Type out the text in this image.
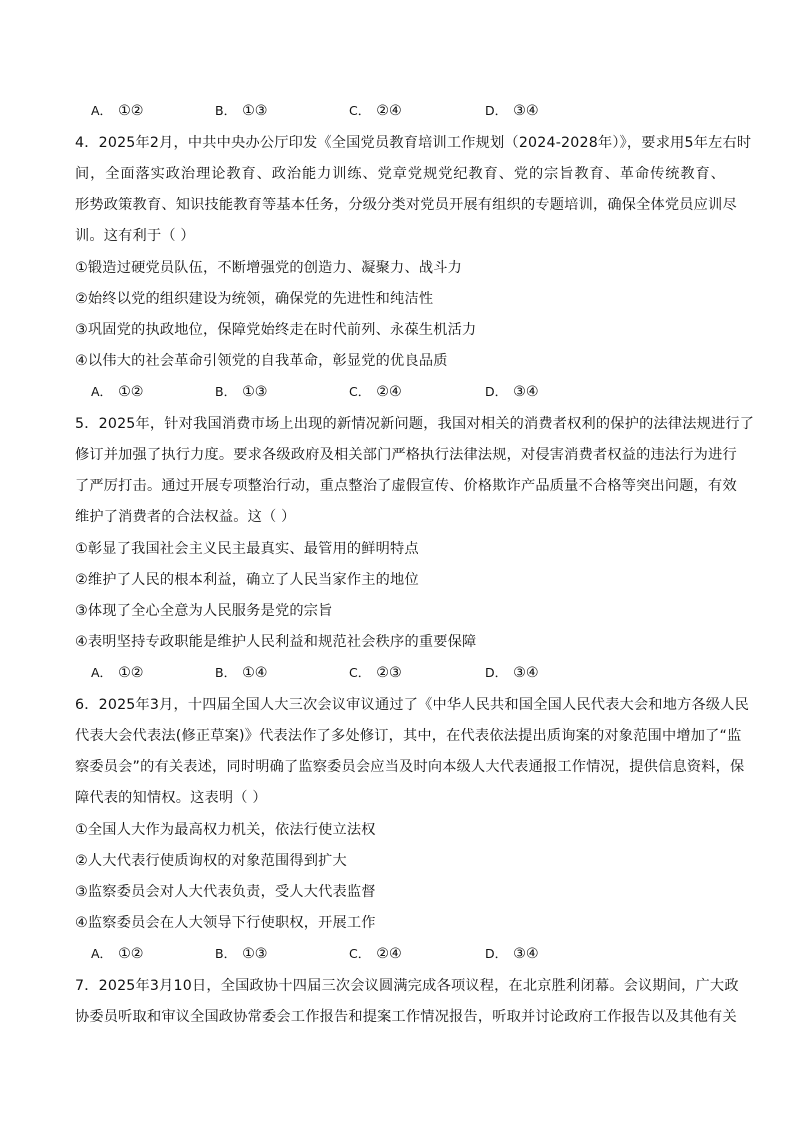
A． ①②	B． ①③	C． ②④	D． ③④
4．2025年2月，中共中央办公厅印发《全国党员教育培训工作规划（2024-2028年）》，要求用5年左右时
间，全面落实政治理论教育、政治能力训练、党章党规党纪教育、党的宗旨教育、革命传统教育、
形势政策教育、知识技能教育等基本任务，分级分类对党员开展有组织的专题培训，确保全体党员应训尽
训。这有利于（ ）
①锻造过硬党员队伍，不断增强党的创造力、凝聚力、战斗力
②始终以党的组织建设为统领，确保党的先进性和纯洁性
③巩固党的执政地位，保障党始终走在时代前列、永葆生机活力
④以伟大的社会革命引领党的自我革命，彰显党的优良品质
A． ①②	B． ①③	C． ②④	D． ③④
5．2025年，针对我国消费市场上出现的新情况新问题，我国对相关的消费者权利的保护的法律法规进行了
修订并加强了执行力度。要求各级政府及相关部门严格执行法律法规，对侵害消费者权益的违法行为进行
了严厉打击。通过开展专项整治行动，重点整治了虚假宣传、价格欺诈产品质量不合格等突出问题，有效
维护了消费者的合法权益。这（ ）
①彰显了我国社会主义民主最真实、最管用的鲜明特点
②维护了人民的根本利益，确立了人民当家作主的地位
③体现了全心全意为人民服务是党的宗旨
④表明坚持专政职能是维护人民利益和规范社会秩序的重要保障
A． ①②	B． ①④	C． ②③	D． ③④
6．2025年3月，十四届全国人大三次会议审议通过了《中华人民共和国全国人民代表大会和地方各级人民
代表大会代表法(修正草案)》代表法作了多处修订，其中，在代表依法提出质询案的对象范围中增加了“监
察委员会”的有关表述，同时明确了监察委员会应当及时向本级人大代表通报工作情况，提供信息资料，保
障代表的知情权。这表明（ ）
①全国人大作为最高权力机关，依法行使立法权
②人大代表行使质询权的对象范围得到扩大
③监察委员会对人大代表负责，受人大代表监督
④监察委员会在人大领导下行使职权，开展工作
A． ①②	B． ①③	C． ②④	D． ③④
7．2025年3月10日，全国政协十四届三次会议圆满完成各项议程，在北京胜利闭幕。会议期间，广大政
协委员听取和审议全国政协常委会工作报告和提案工作情况报告，听取并讨论政府工作报告以及其他有关
